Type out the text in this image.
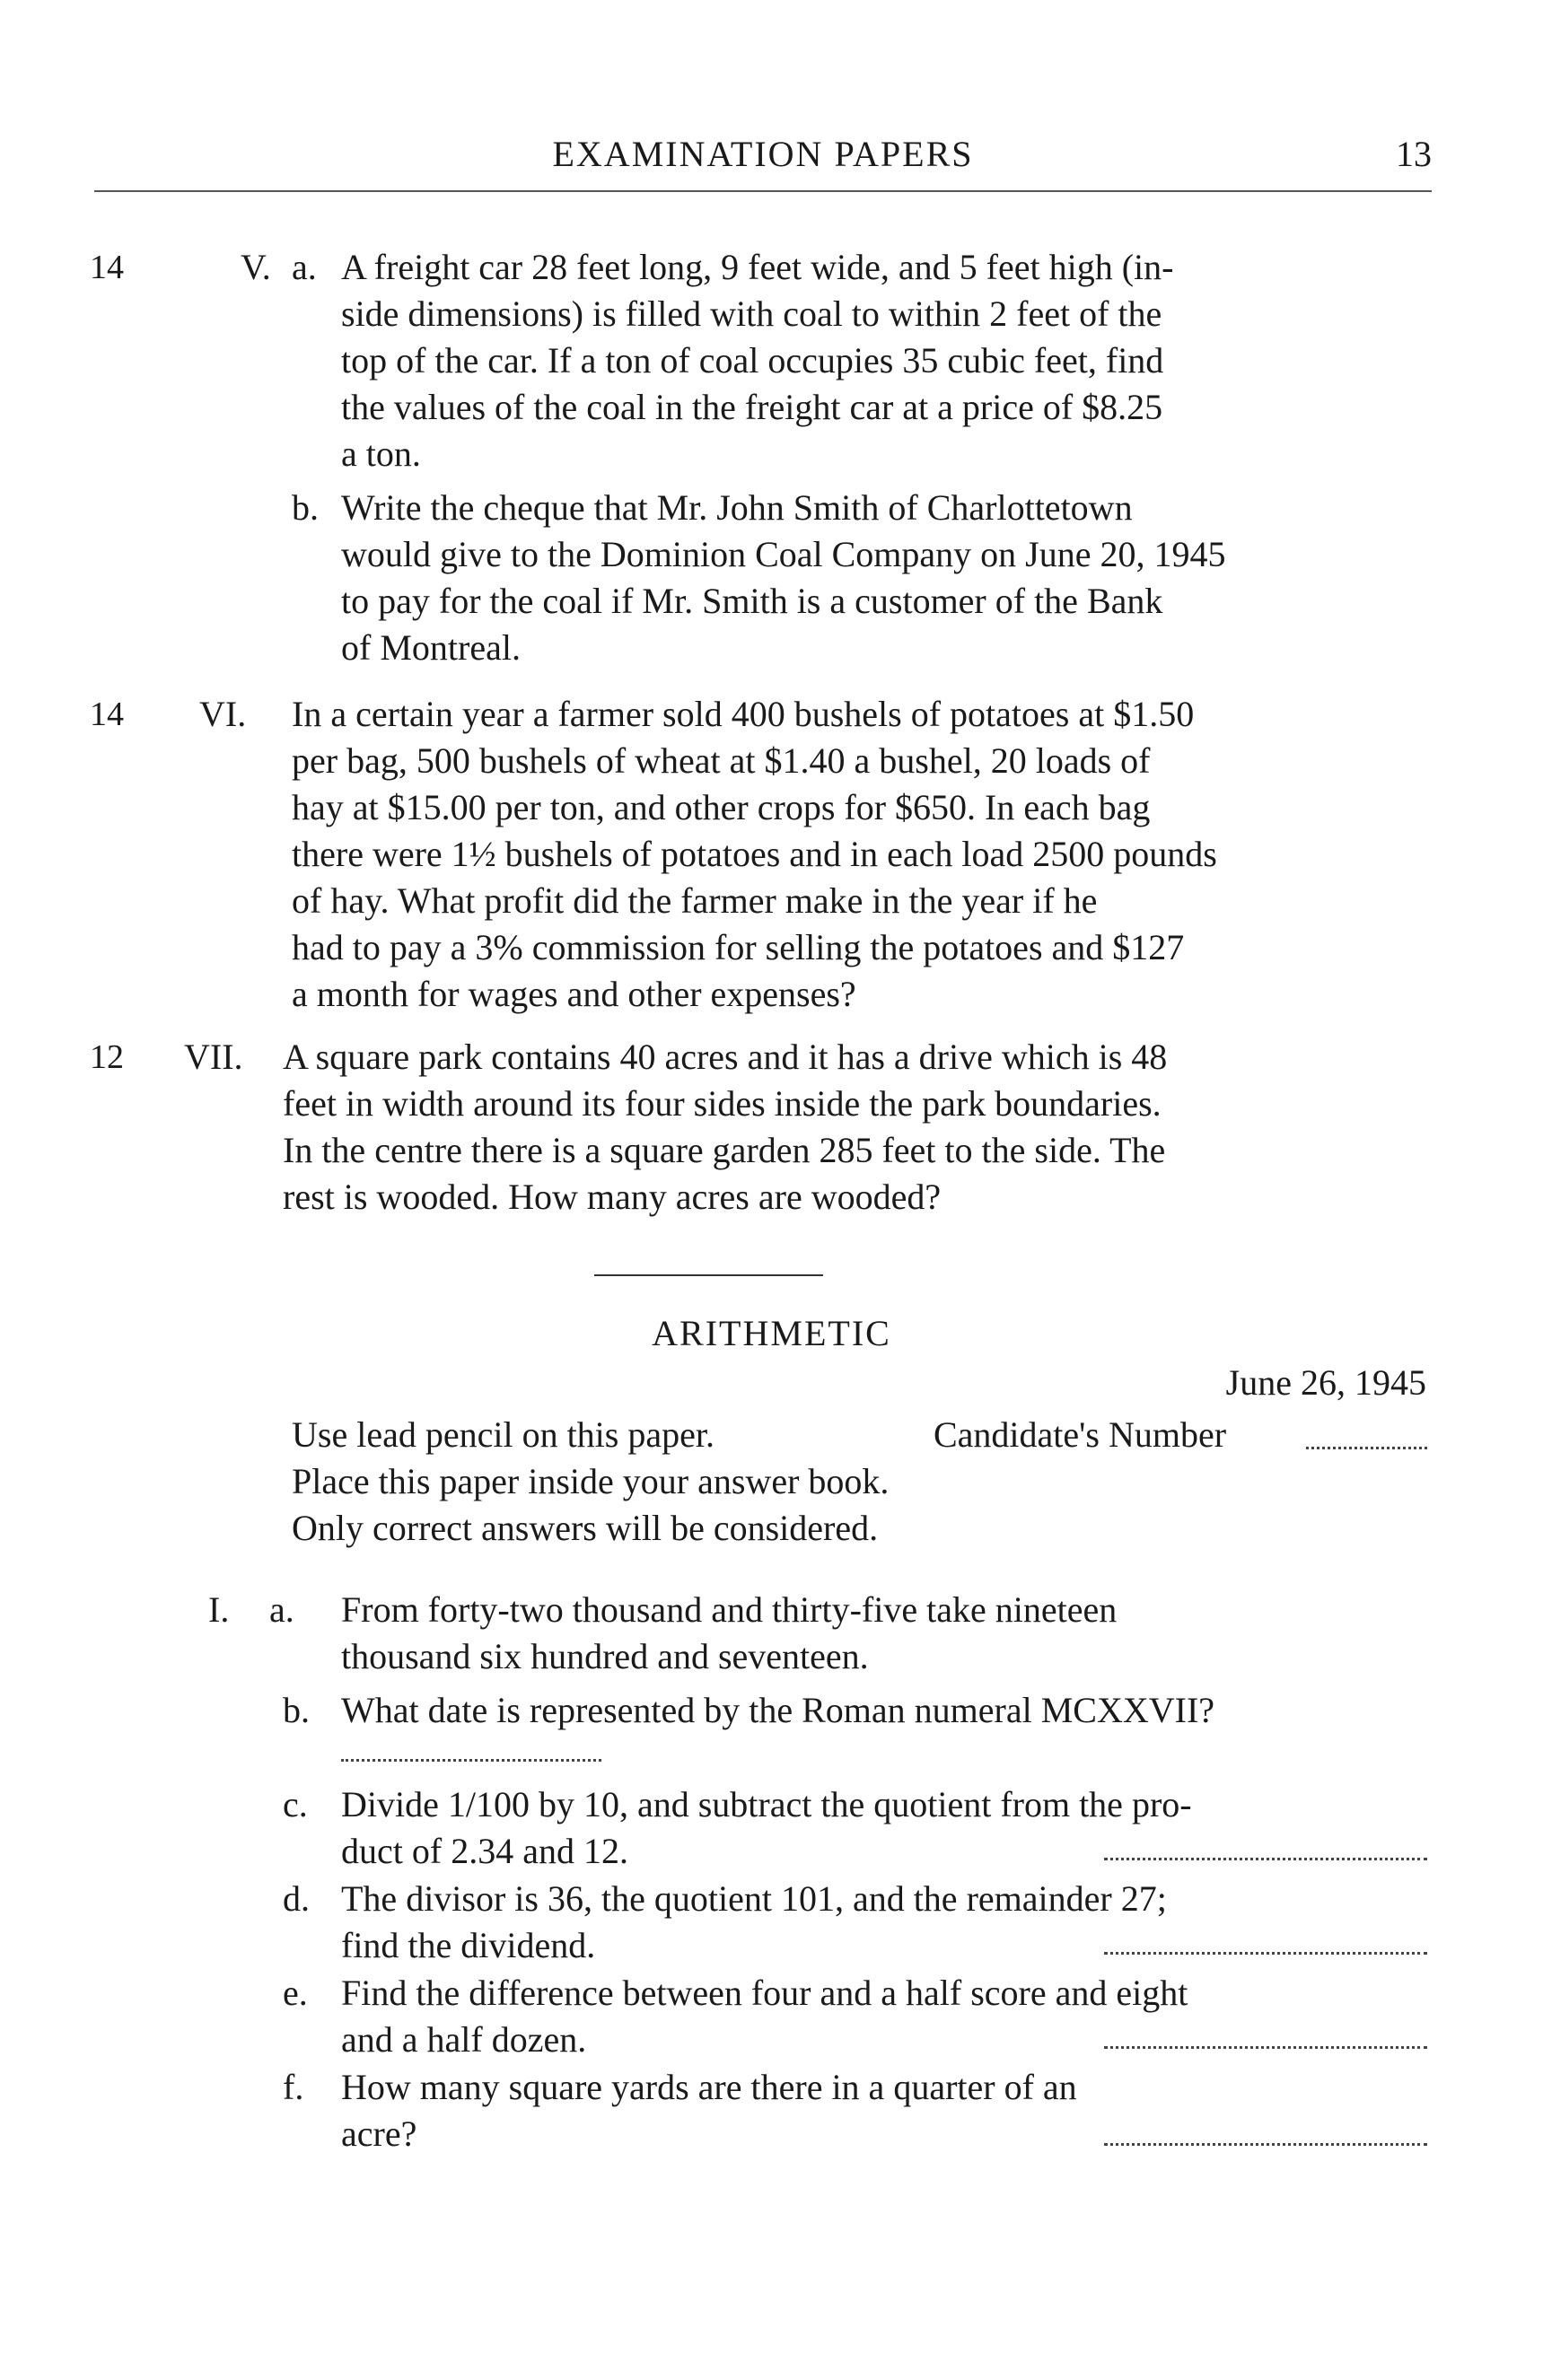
EXAMINATION PAPERS	13
14	V. a. A freight car 28 feet long, 9 feet wide, and 5 feet high (in-
side dimensions) is filled with coal to within 2 feet of the
top of the car. If a ton of coal occupies 35 cubic feet, find
the values of the coal in the freight car at a price of $8.25
a ton.
b. Write the cheque that Mr. John Smith of Charlottetown
would give to the Dominion Coal Company on June 20, 1945
to pay for the coal if Mr. Smith is a customer of the Bank
of Montreal.
14	VI. In a certain year a farmer sold 400 bushels of potatoes at $1.50
per bag, 500 bushels of wheat at $1.40 a bushel, 20 loads of
hay at $15.00 per ton, and other crops for $650. In each bag
there were 1½ bushels of potatoes and in each load 2500 pounds
of hay. What profit did the farmer make in the year if he
had to pay a 3% commission for selling the potatoes and $127
a month for wages and other expenses?
12	VII. A square park contains 40 acres and it has a drive which is 48
feet in width around its four sides inside the park boundaries.
In the centre there is a square garden 285 feet to the side. The
rest is wooded. How many acres are wooded?
ARITHMETIC
June 26, 1945
Use lead pencil on this paper.	Candidate's Number
Place this paper inside your answer book.
Only correct answers will be considered.
I. a. From forty-two thousand and thirty-five take nineteen
thousand six hundred and seventeen.
b. What date is represented by the Roman numeral MCXXVII?
c. Divide 1/100 by 10, and subtract the quotient from the pro-
duct of 2.34 and 12.
d. The divisor is 36, the quotient 101, and the remainder 27;
find the dividend.
e. Find the difference between four and a half score and eight
and a half dozen.
f. How many square yards are there in a quarter of an
acre?
